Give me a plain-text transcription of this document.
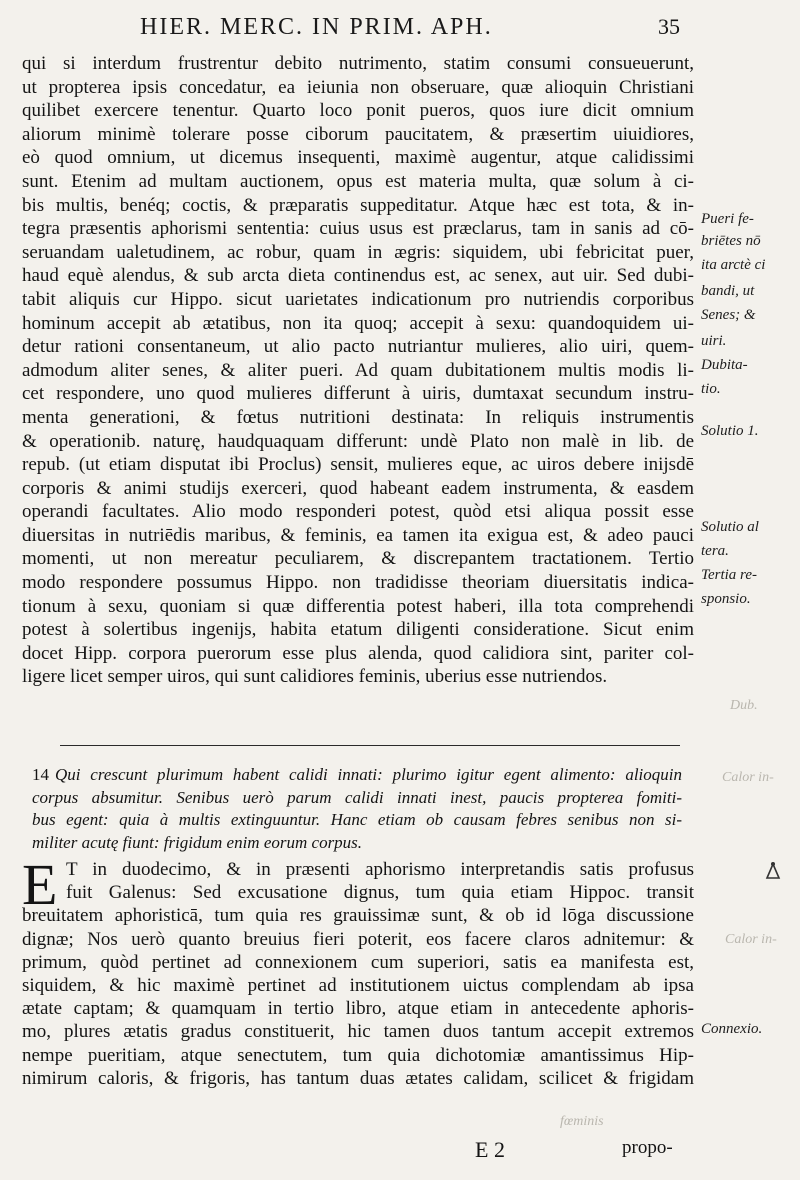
HIER. MERC. IN PRIM. APH.	35
qui si interdum frustrentur debito nutrimento, statim consumi consueuerunt,
ut propterea ipsis concedatur, ea ieiunia non obseruare, quæ alioquin Christiani
quilibet exercere tenentur. Quarto loco ponit pueros, quos iure dicit omnium
aliorum minimè tolerare posse ciborum paucitatem, & præsertim uiuidiores,
eò quod omnium, ut dicemus insequenti, maximè augentur, atque calidissimi
sunt. Etenim ad multam auctionem, opus est materia multa, quæ solum à ci-
bis multis, benéq; coctis, & præparatis suppeditatur. Atque hæc est tota, & in-
tegra præsentis aphorismi sententia: cuius usus est præclarus, tam in sanis ad cō-
seruandam ualetudinem, ac robur, quam in ægris: siquidem, ubi febricitat puer,
haud equè alendus, & sub arcta dieta continendus est, ac senex, aut uir. Sed dubi-
tabit aliquis cur Hippo. sicut uarietates indicationum pro nutriendis corporibus
hominum accepit ab ætatibus, non ita quoq; accepit à sexu: quandoquidem ui-
detur rationi consentaneum, ut alio pacto nutriantur mulieres, alio uiri, quem-
admodum aliter senes, & aliter pueri. Ad quam dubitationem multis modis li-
cet respondere, uno quod mulieres differunt à uiris, dumtaxat secundum instru-
menta generationi, & fœtus nutritioni destinata: In reliquis instrumentis
& operationib. naturę, haudquaquam differunt: undè Plato non malè in lib. de
repub. (ut etiam disputat ibi Proclus) sensit, mulieres eque, ac uiros debere inijsdē
corporis & animi studijs exerceri, quod habeant eadem instrumenta, & easdem
operandi facultates. Alio modo responderi potest, quòd etsi aliqua possit esse
diuersitas in nutriēdis maribus, & feminis, ea tamen ita exigua est, & adeo pauci
momenti, ut non mereatur peculiarem, & discrepantem tractationem. Tertio
modo respondere possumus Hippo. non tradidisse theoriam diuersitatis indica-
tionum à sexu, quoniam si quæ differentia potest haberi, illa tota comprehendi
potest à solertibus ingenijs, habita etatum diligenti consideratione. Sicut enim
docet Hipp. corpora puerorum esse plus alenda, quod calidiora sint, pariter col-
ligere licet semper uiros, qui sunt calidiores feminis, uberius esse nutriendos.
Pueri fe-
briētes nō
ita arctè ci
bandi, ut
Senes; &
uiri.
Dubita-
tio.
Solutio 1.
Solutio al
tera.
Tertia re-
sponsio.
Connexio.
Dub.
Calor in-
Calor in-
fœminis
14 Qui crescunt plurimum habent calidi innati: plurimo igitur egent alimento: alioquin
corpus absumitur. Senibus uerò parum calidi innati inest, paucis propterea fomiti-
bus egent: quia à multis extinguuntur. Hanc etiam ob causam febres senibus non si-
militer acutę fiunt: frigidum enim eorum corpus.
E T in duodecimo, & in præsenti aphorismo interpretandis satis profusus
fuit Galenus: Sed excusatione dignus, tum quia etiam Hippoc. transit
breuitatem aphoristicā, tum quia res grauissimæ sunt, & ob id lōga discussione
dignæ; Nos uerò quanto breuius fieri poterit, eos facere claros adnitemur: &
primum, quòd pertinet ad connexionem cum superiori, satis ea manifesta est,
siquidem, & hic maximè pertinet ad institutionem uictus complendam ab ipsa
ætate captam; & quamquam in tertio libro, atque etiam in antecedente aphoris-
mo, plures ætatis gradus constituerit, hic tamen duos tantum accepit extremos
nempe pueritiam, atque senectutem, tum quia dichotomiæ amantissimus Hip-
nimirum caloris, & frigoris, has tantum duas ætates calidam, scilicet & frigidam
E 2	propo-
